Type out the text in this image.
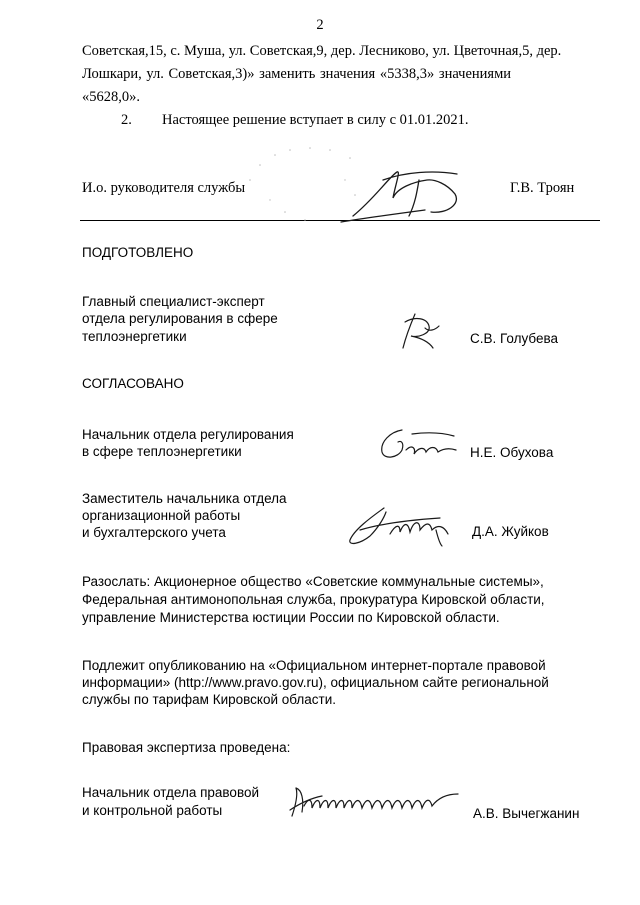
2
Советская,15, с. Муша, ул. Советская,9, дер. Лесниково, ул. Цветочная,5, дер.
Лошкари, ул. Советская,3)» заменить значения «5338,3» значениями
«5628,0».
2. Настоящее решение вступает в силу с 01.01.2021.
И.о. руководителя службы	Г.В. Троян
ПОДГОТОВЛЕНО
Главный специалист-эксперт
отдела регулирования в сфере
теплоэнергетики	С.В. Голубева
СОГЛАСОВАНО
Начальник отдела регулирования
в сфере теплоэнергетики	Н.Е. Обухова
Заместитель начальника отдела
организационной работы
и бухгалтерского учета	Д.А. Жуйков
Разослать: Акционерное общество «Советские коммунальные системы»,
Федеральная антимонопольная служба, прокуратура Кировской области,
управление Министерства юстиции России по Кировской области.
Подлежит опубликованию на «Официальном интернет-портале правовой
информации» (http://www.pravo.gov.ru), официальном сайте региональной
службы по тарифам Кировской области.
Правовая экспертиза проведена:
Начальник отдела правовой
и контрольной работы	А.В. Вычегжанин
